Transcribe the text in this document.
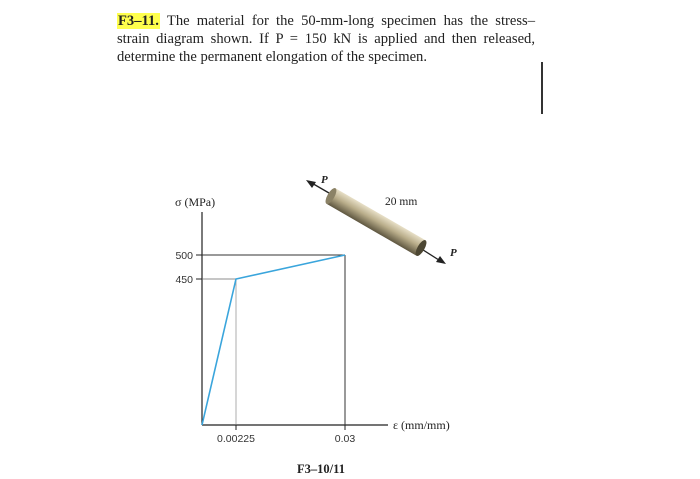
F3–11. The material for the 50-mm-long specimen has the stress–strain diagram shown. If P = 150 kN is applied and then released, determine the permanent elongation of the specimen.

σ (MPa)
ε (mm/mm)
500
450
0.00225	0.03
P
P
20 mm
F3–10/11
